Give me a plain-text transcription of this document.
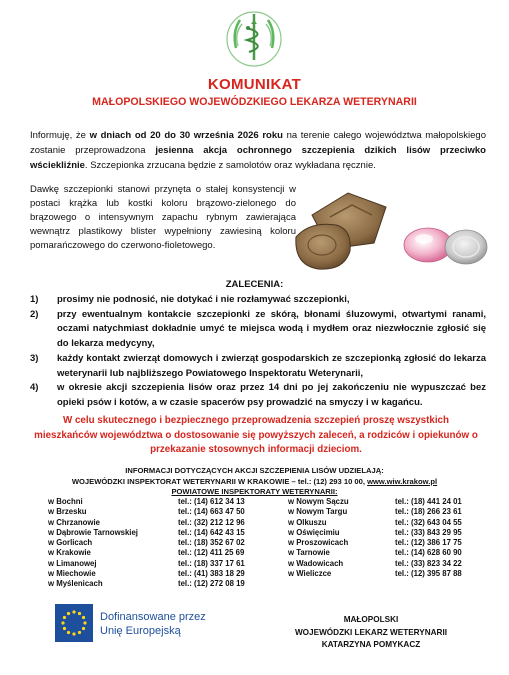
KOMUNIKAT
MAŁOPOLSKIEGO WOJEWÓDZKIEGO LEKARZA WETERYNARII
Informuję, że w dniach od 20 do 30 września 2026 roku na terenie całego województwa małopolskiego zostanie przeprowadzona jesienna akcja ochronnego szczepienia dzikich lisów przeciwko wściekliźnie. Szczepionka zrzucana będzie z samolotów oraz wykładana ręcznie.
Dawkę szczepionki stanowi przynęta o stałej konsystencji w postaci krążka lub kostki koloru brązowo-zielonego do brązowego o intensywnym zapachu rybnym zawierająca wewnątrz plastikowy blister wypełniony zawiesiną koloru pomarańczowego do czerwono-fioletowego.
ZALECENIA:
1)	prosimy nie podnosić, nie dotykać i nie rozłamywać szczepionki,
2)	przy ewentualnym kontakcie szczepionki ze skórą, błonami śluzowymi, otwartymi ranami, oczami natychmiast dokładnie umyć te miejsca wodą i mydłem oraz niezwłocznie zgłosić się do lekarza medycyny,
3)	każdy kontakt zwierząt domowych i zwierząt gospodarskich ze szczepionką zgłosić do lekarza weterynarii lub najbliższego Powiatowego Inspektoratu Weterynarii,
4)	w okresie akcji szczepienia lisów oraz przez 14 dni po jej zakończeniu nie wypuszczać bez opieki psów i kotów, a w czasie spacerów psy prowadzić na smyczy i w kagańcu.
W celu skutecznego i bezpiecznego przeprowadzenia szczepień proszę wszystkich mieszkańców województwa o dostosowanie się powyższych zaleceń, a rodziców i opiekunów o przekazanie stosownych informacji dzieciom.
INFORMACJI DOTYCZĄCYCH AKCJI SZCZEPIENIA LISÓW UDZIELAJĄ:
WOJEWÓDZKI INSPEKTORAT WETERYNARII W KRAKOWIE – tel.: (12) 293 10 00, www.wiw.krakow.pl
POWIATOWE INSPEKTORATY WETERYNARII:
w Bochni	tel.: (14) 612 34 13	w Nowym Sączu	tel.: (18) 441 24 01
w Brzesku	tel.: (14) 663 47 50	w Nowym Targu	tel.: (18) 266 23 61
w Chrzanowie	tel.: (32) 212 12 96	w Olkuszu	tel.: (32) 643 04 55
w Dąbrowie Tarnowskiej	tel.: (14) 642 43 15	w Oświęcimiu	tel.: (33) 843 29 95
w Gorlicach	tel.: (18) 352 67 02	w Proszowicach	tel.: (12) 386 17 75
w Krakowie	tel.: (12) 411 25 69	w Tarnowie	tel.: (14) 628 60 90
w Limanowej	tel.: (18) 337 17 61	w Wadowicach	tel.: (33) 823 34 22
w Miechowie	tel.: (41) 383 18 29	w Wieliczce	tel.: (12) 395 87 88
w Myślenicach	tel.: (12) 272 08 19
Dofinansowane przez
Unię Europejską
MAŁOPOLSKI
WOJEWÓDZKI LEKARZ WETERYNARII
KATARZYNA POMYKACZ
